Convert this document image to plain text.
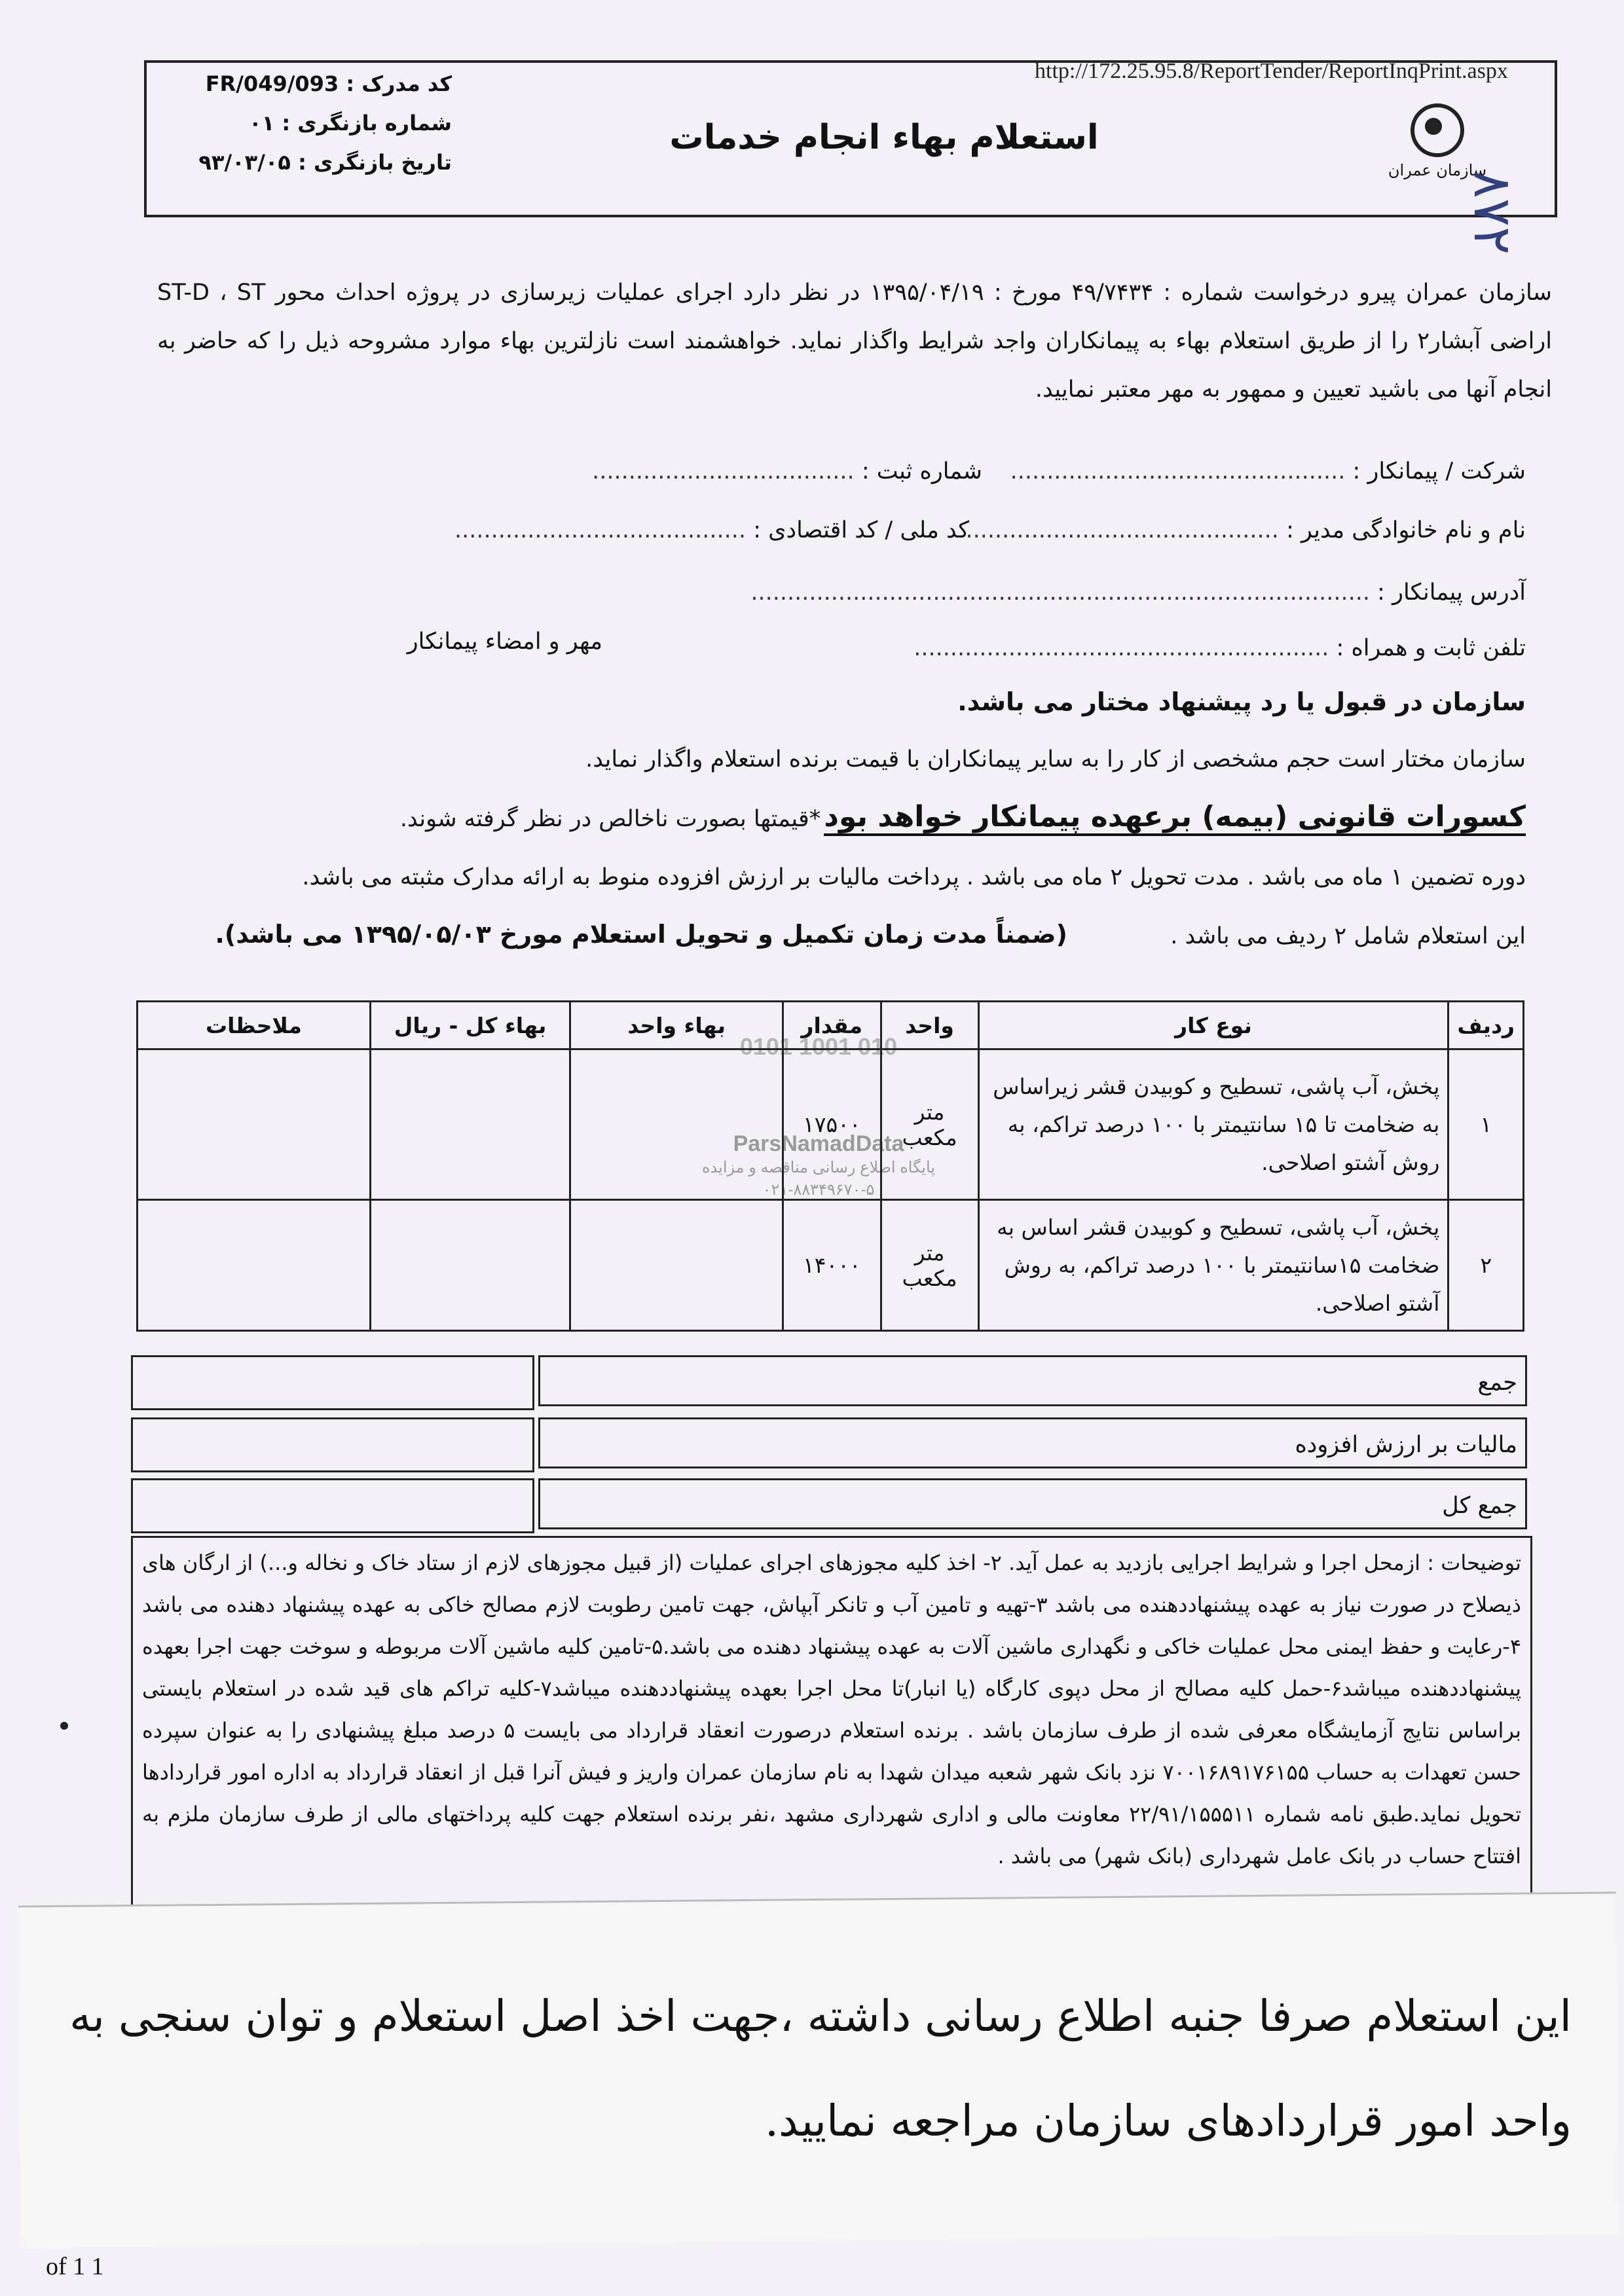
http://172.25.95.8/ReportTender/ReportInqPrint.aspx
کد مدرک : FR/049/093
شماره بازنگری : ۰۱
تاریخ بازنگری : ۹۳/۰۳/۰۵
استعلام بهاء انجام خدمات
سازمان عمران
۸۷۲
سازمان عمران پیرو درخواست شماره : ۴۹/۷۴۳۴ مورخ : ۱۳۹۵/۰۴/۱۹ در نظر دارد اجرای عملیات زیرسازی در پروژه احداث محور ST-D ، ST اراضی آبشار۲ را از طریق استعلام بهاء به پیمانکاران واجد شرایط واگذار نماید. خواهشمند است نازلترین بهاء موارد مشروحه ذیل را که حاضر به انجام آنها می باشید تعیین و ممهور به مهر معتبر نمایید.
شرکت / پیمانکار : ..............................................
شماره ثبت : ....................................
نام و نام خانوادگی مدیر : ...........................................
کد ملی / کد اقتصادی : ........................................
آدرس پیمانکار : .....................................................................................
تلفن ثابت و همراه : .........................................................
مهر و امضاء پیمانکار
سازمان در قبول یا رد پیشنهاد مختار می باشد.
سازمان مختار است حجم مشخصی از کار را به سایر پیمانکاران با قیمت برنده استعلام واگذار نماید.
کسورات قانونی (بیمه) برعهده پیمانکار خواهد بود *قیمتها بصورت ناخالص در نظر گرفته شوند.
دوره تضمین ۱ ماه می باشد . مدت تحویل ۲ ماه می باشد . پرداخت مالیات بر ارزش افزوده منوط به ارائه مدارک مثبته می باشد.
این استعلام شامل ۲ ردیف می باشد .
(ضمناً مدت زمان تکمیل و تحویل استعلام مورخ ۱۳۹۵/۰۵/۰۳ می باشد).
0101 1001 010
ParsNamadData
پایگاه اطلاع رسانی مناقصه و مزایده
۰۲۱-۸۸۳۴۹۶۷۰-۵
ردیف	نوع کار	واحد	مقدار	بهاء واحد	بهاء کل - ریال	ملاحظات
۱	پخش، آب پاشی، تسطیح و کوبیدن قشر زیراساس به ضخامت تا ۱۵ سانتیمتر با ۱۰۰ درصد تراکم، به روش آشتو اصلاحی.	متر مکعب	۱۷۵۰۰			
۲	پخش، آب پاشی، تسطیح و کوبیدن قشر اساس به ضخامت ۱۵سانتیمتر با ۱۰۰ درصد تراکم، به روش آشتو اصلاحی.	متر مکعب	۱۴۰۰۰			
جمع
مالیات بر ارزش افزوده
جمع کل
توضیحات : ازمحل اجرا و شرایط اجرایی بازدید به عمل آید. ۲- اخذ کلیه مجوزهای اجرای عملیات (از قبیل مجوزهای لازم از ستاد خاک و نخاله و...) از ارگان های ذیصلاح در صورت نیاز به عهده پیشنهاددهنده می باشد ۳-تهیه و تامین آب و تانکر آبپاش، جهت تامین رطوبت لازم مصالح خاکی به عهده پیشنهاد دهنده می باشد ۴-رعایت و حفظ ایمنی محل عملیات خاکی و نگهداری ماشین آلات به عهده پیشنهاد دهنده می باشد.۵-تامین کلیه ماشین آلات مربوطه و سوخت جهت اجرا بعهده پیشنهاددهنده میباشد۶-حمل کلیه مصالح از محل دپوی کارگاه (یا انبار)تا محل اجرا بعهده پیشنهاددهنده میباشد۷-کلیه تراکم های قید شده در استعلام بایستی براساس نتایج آزمایشگاه معرفی شده از طرف سازمان باشد . برنده استعلام درصورت انعقاد قرارداد می بایست ۵ درصد مبلغ پیشنهادی را به عنوان سپرده حسن تعهدات به حساب ۷۰۰۱۶۸۹۱۷۶۱۵۵ نزد بانک شهر شعبه میدان شهدا به نام سازمان عمران واریز و فیش آنرا قبل از انعقاد قرارداد به اداره امور قراردادها تحویل نماید.طبق نامه شماره ۲۲/۹۱/۱۵۵۵۱۱ معاونت مالی و اداری شهرداری مشهد ،نفر برنده استعلام جهت کلیه پرداختهای مالی از طرف سازمان ملزم به افتتاح حساب در بانک عامل شهرداری (بانک شهر) می باشد .
این استعلام صرفا جنبه اطلاع رسانی داشته ،جهت اخذ اصل استعلام و توان سنجی به واحد امور قراردادهای سازمان مراجعه نمایید.
of 1 1
